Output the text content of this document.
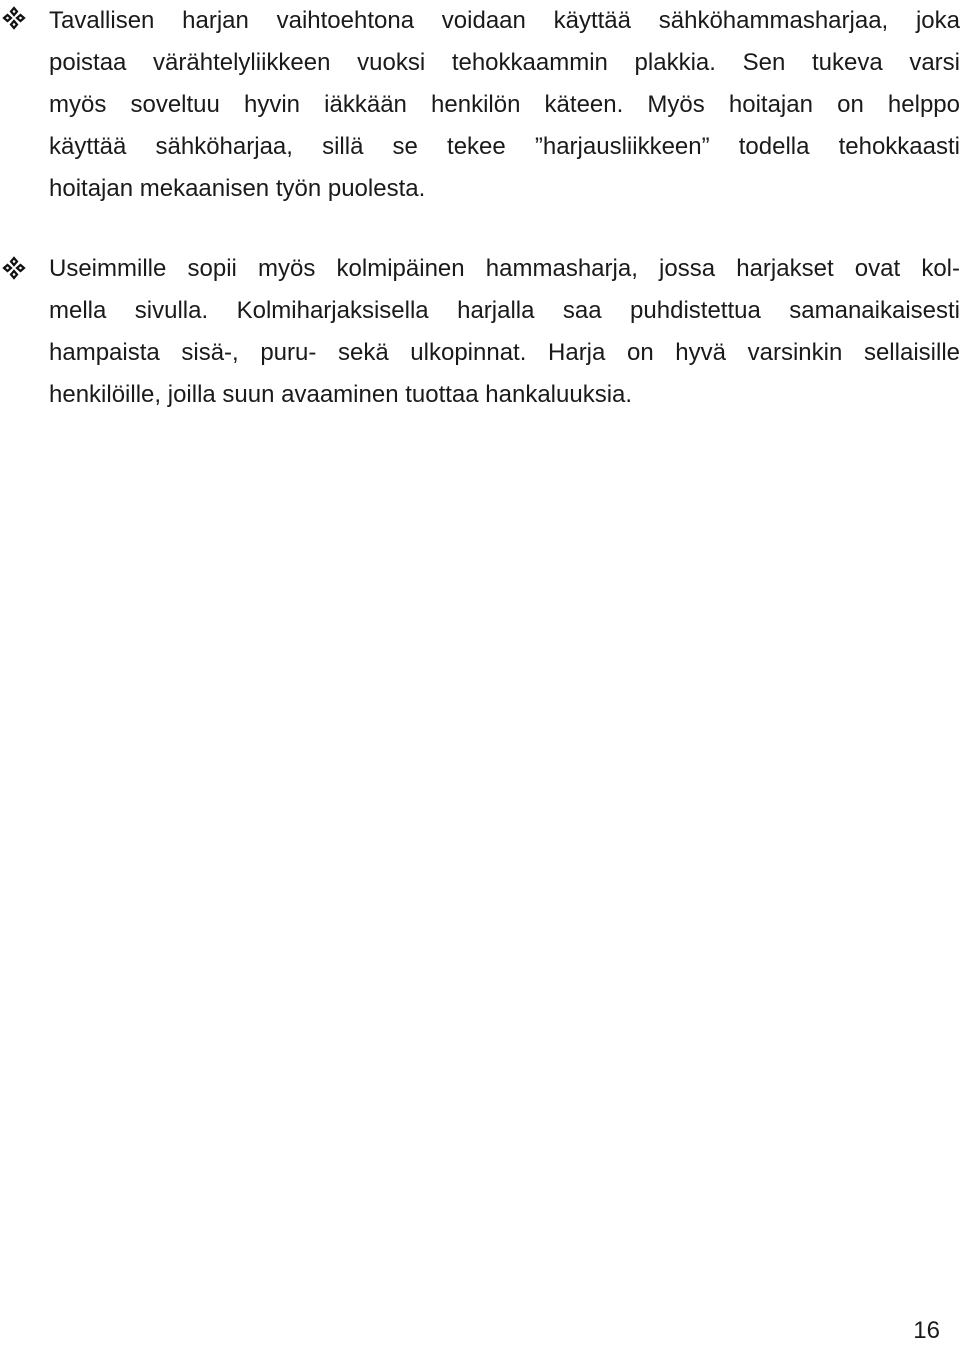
Tavallisen harjan vaihtoehtona voidaan käyttää sähköhammasharjaa, joka
poistaa värähtelyliikkeen vuoksi tehokkaammin plakkia. Sen tukeva varsi
myös soveltuu hyvin iäkkään henkilön käteen. Myös hoitajan on helppo
käyttää sähköharjaa, sillä se tekee ”harjausliikkeen” todella tehokkaasti
hoitajan mekaanisen työn puolesta.
Useimmille sopii myös kolmipäinen hammasharja, jossa harjakset ovat kol-
mella sivulla. Kolmiharjaksisella harjalla saa puhdistettua samanaikaisesti
hampaista sisä-, puru- sekä ulkopinnat. Harja on hyvä varsinkin sellaisille
henkilöille, joilla suun avaaminen tuottaa hankaluuksia.
16
